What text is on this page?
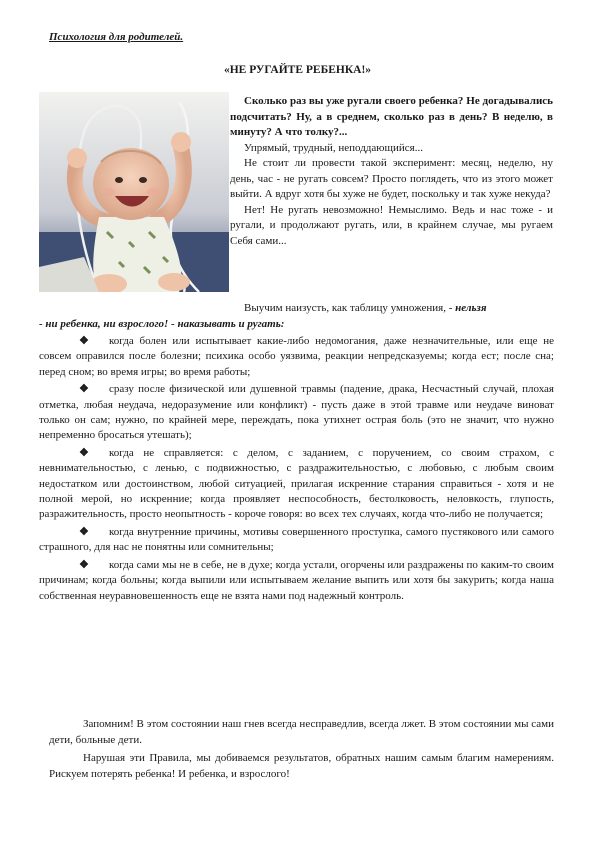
Психология для родителей.
«НЕ РУГАЙТЕ РЕБЕНКА!»

Сколько раз вы уже ругали своего ребенка? Не догадывались подсчитать? Ну, а в среднем, сколько раз в день? В неделю, в минуту? А что толку?...

Упрямый, трудный, неподдающийся...

Не стоит ли провести такой эксперимент: месяц, неделю, ну день, час - не ругать совсем? Просто поглядеть, что из этого может выйти. А вдруг хотя бы хуже не будет, поскольку и так хуже некуда?

Нет! Не ругать невозможно! Немыслимо. Ведь и нас тоже - и ругали, и продолжают ругать, или, в крайнем случае, мы ругаем Себя сами...

Выучим наизусть, как таблицу умножения, - нельзя
- ни ребенка, ни взрослого! - наказывать и ругать:

❖ когда болен или испытывает какие-либо недомогания, даже незначительные, или еще не совсем оправился после болезни; психика особо уязвима, реакции непредсказуемы; когда ест; после сна; перед сном; во время игры; во время работы;

❖ сразу после физической или душевной травмы (падение, драка, Несчастный случай, плохая отметка, любая неудача, недоразумение или конфликт) - пусть даже в этой травме или неудаче виноват только он сам; нужно, по крайней мере, переждать, пока утихнет острая боль (это не значит, что нужно непременно бросаться утешать);

❖ когда не справляется: с делом, с заданием, с поручением, со своим страхом, с невнимательностью, с ленью, с подвижностью, с раздражительностью, с любовью, с любым своим недостатком или достоинством, любой ситуацией, прилагая искренние старания справиться - хотя и не полной мерой, но искренние; когда проявляет неспособность, бестолковость, неловкость, глупость, разражительность, просто неопытность - короче говоря: во всех тех случаях, когда что-либо не получается;

❖ когда внутренние причины, мотивы совершенного проступка, самого пустякового или самого страшного, для нас не понятны или сомнительны;

❖ когда сами мы не в себе, не в духе; когда устали, огорчены или раздражены по каким-то своим причинам; когда больны; когда выпили или испытываем желание выпить или хотя бы закурить; когда наша собственная неуравновешенность еще не взята нами под надежный контроль.

Запомним! В этом состоянии наш гнев всегда несправедлив, всегда лжет. В этом состоянии мы сами дети, больные дети.

Нарушая эти Правила, мы добиваемся результатов, обратных нашим самым благим намерениям. Рискуем потерять ребенка! И ребенка, и взрослого!
